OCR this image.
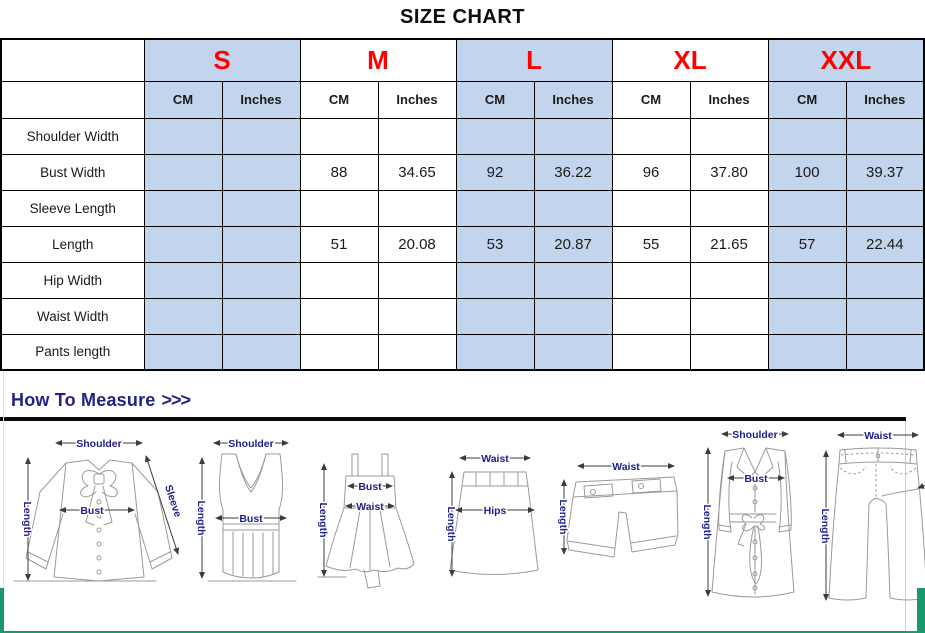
SIZE CHART
	S		M		L		XL		XXL	
	CM	Inches	CM	Inches	CM	Inches	CM	Inches	CM	Inches
Shoulder Width										
Bust Width			88	34.65	92	36.22	96	37.80	100	39.37
Sleeve Length										
Length			51	20.08	53	20.87	55	21.65	57	22.44
Hip Width										
Waist Width										
Pants length										
How To Measure >>>
Shoulder
Length	Bust	Sleeve
Shoulder
Length	Bust	Length
Bust
Waist
Waist
Length	Hips
Waist
Length
Shoulder
Length
Bust
Waist
Length
